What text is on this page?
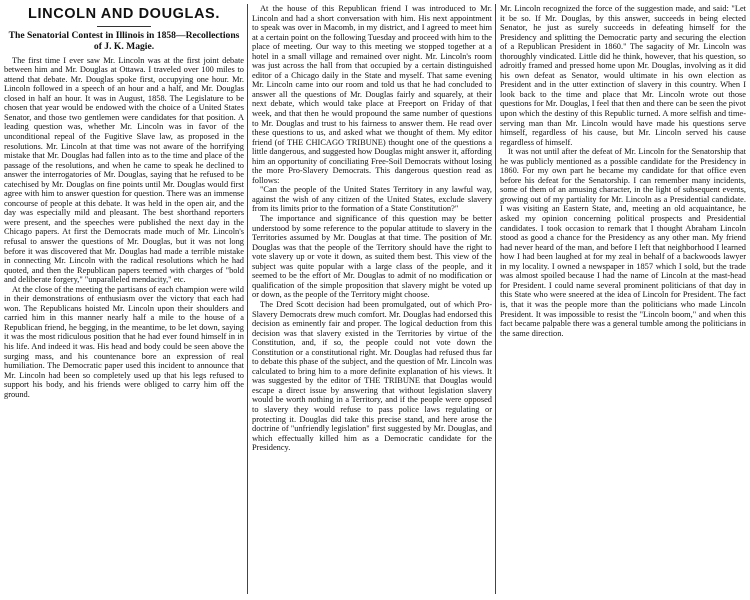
LINCOLN AND DOUGLAS.
The Senatorial Contest in Illinois in 1858—Recollections of J. K. Magie.

The first time I ever saw Mr. Lincoln was at the first joint debate between him and Mr. Douglas at Ottawa. I traveled over 100 miles to attend that debate. Mr. Douglas spoke first, occupying one hour. Mr. Lincoln followed in a speech of an hour and a half, and Mr. Douglas closed in half an hour. It was in August, 1858. The Legislature to be chosen that year would be endowed with the choice of a United States Senator, and those two gentlemen were candidates for that position. A leading question was, whether Mr. Lincoln was in favor of the unconditional repeal of the Fugitive Slave law, as proposed in the resolutions. Mr. Lincoln at that time was not aware of the horrifying mistake that Mr. Douglas had fallen into as to the time and place of the passage of the resolutions, and when he came to speak he declined to answer the interrogatories of Mr. Douglas, saying that he refused to be catechised by Mr. Douglas on fine points until Mr. Douglas would first agree with him to answer question for question. There was an immense concourse of people at this debate. It was held in the open air, and the day was especially mild and pleasant. The best shorthand reporters were present, and the speeches were published the next day in the Chicago papers. At first the Democrats made much of Mr. Lincoln's refusal to answer the questions of Mr. Douglas, but it was not long before it was discovered that Mr. Douglas had made a terrible mistake in connecting Mr. Lincoln with the radical resolutions which he had quoted, and then the Republican papers teemed with charges of "bold and deliberate forgery," "unparalleled mendacity," etc.

At the close of the meeting the partisans of each champion were wild in their demonstrations of enthusiasm over the victory that each had won. The Republicans hoisted Mr. Lincoln upon their shoulders and carried him in this manner nearly half a mile to the house of a Republican friend, he begging, in the meantime, to be let down, saying it was the most ridiculous position that he had ever found himself in in his life. And indeed it was. His head and body could be seen above the surging mass, and his countenance bore an expression of real humiliation. The Democratic paper used this incident to announce that Mr. Lincoln had been so completely used up that his legs refused to support his body, and his friends were obliged to carry him off the ground.

At the house of this Republican friend I was introduced to Mr. Lincoln and had a short conversation with him. His next appointment to speak was over in Macomb, in my district, and I agreed to meet him at a certain point on the following Tuesday and proceed with him to the place of meeting. Our way to this meeting we stopped together at a hotel in a small village and remained over night. Mr. Lincoln's room was just across the hall from that occupied by a certain distinguished editor of a Chicago daily in the State and myself. That same evening Mr. Lincoln came into our room and told us that he had concluded to answer all the questions of Mr. Douglas fairly and squarely, at their next debate, which would take place at Freeport on Friday of that week, and that then he would propound the same number of questions to Mr. Douglas and trust to his fairness to answer them. He read over these questions to us, and asked what we thought of them. My editor friend (of THE CHICAGO TRIBUNE) thought one of the questions a little dangerous, and suggested how Douglas might answer it, affording him an opportunity of conciliating Free-Soil Democrats without losing the more Pro-Slavery Democrats. This dangerous question read as follows:

"Can the people of the United States Territory in any lawful way, against the wish of any citizen of the United States, exclude slavery from its limits prior to the formation of a State Constitution?"

The importance and significance of this question may be better understood by some reference to the popular attitude to slavery in the Territories assumed by Mr. Douglas at that time. The position of Mr. Douglas was that the people of the Territory should have the right to vote slavery up or vote it down, as suited them best. This view of the subject was quite popular with a large class of the people, and it seemed to be the effort of Mr. Douglas to admit of no modification or qualification of the simple proposition that slavery might be voted up or down, as the people of the Territory might choose.

The Dred Scott decision had been promulgated, out of which Pro-Slavery Democrats drew much comfort. Mr. Douglas had endorsed this decision as eminently fair and proper. The logical deduction from this decision was that slavery existed in the Territories by virtue of the Constitution, and, if so, the people could not vote down the Constitution or a constitutional right. Mr. Douglas had refused thus far to debate this phase of the subject, and the question of Mr. Lincoln was calculated to bring him to a more definite explanation of his views. It was suggested by the editor of THE TRIBUNE that Douglas would escape a direct issue by answering that without legislation slavery would be worth nothing in a Territory, and if the people were opposed to slavery they would refuse to pass police laws regulating or protecting it. Douglas did take this precise stand, and here arose the doctrine of "unfriendly legislation" first suggested by Mr. Douglas, and which effectually killed him as a Democratic candidate for the Presidency.

Mr. Lincoln recognized the force of the suggestion made, and said: "Let it be so. If Mr. Douglas, by this answer, succeeds in being elected Senator, he just as surely succeeds in defeating himself for the Presidency and splitting the Democratic party and securing the election of a Republican President in 1860." The sagacity of Mr. Lincoln was thoroughly vindicated. Little did he think, however, that his question, so adroitly framed and pressed home upon Mr. Douglas, involving as it did his own defeat as Senator, would ultimate in his own election as President and in the utter extinction of slavery in this country. When I look back to the time and place that Mr. Lincoln wrote out those questions for Mr. Douglas, I feel that then and there can be seen the pivot upon which the destiny of this Republic turned. A more selfish and time-serving man than Mr. Lincoln would have made his questions serve himself, regardless of his cause, but Mr. Lincoln served his cause regardless of himself.

It was not until after the defeat of Mr. Lincoln for the Senatorship that he was publicly mentioned as a possible candidate for the Presidency in 1860. For my own part he became my candidate for that office even before his defeat for the Senatorship. I can remember many incidents, some of them of an amusing character, in the light of subsequent events, growing out of my partiality for Mr. Lincoln as a Presidential candidate. I was visiting an Eastern State, and, meeting an old acquaintance, he asked my opinion concerning political prospects and Presidential candidates. I took occasion to remark that I thought Abraham Lincoln stood as good a chance for the Presidency as any other man. My friend had never heard of the man, and before I left that neighborhood I learned how I had been laughed at for my zeal in behalf of a backwoods lawyer in my locality. I owned a newspaper in 1857 which I sold, but the trade was almost spoiled because I had the name of Lincoln at the mast-head for President. I could name several prominent politicians of that day in this State who were sneered at the idea of Lincoln for President. The fact is, that it was the people more than the politicians who made Lincoln President. It was impossible to resist the "Lincoln boom," and when this fact became palpable there was a general tumble among the politicians in the same direction.
